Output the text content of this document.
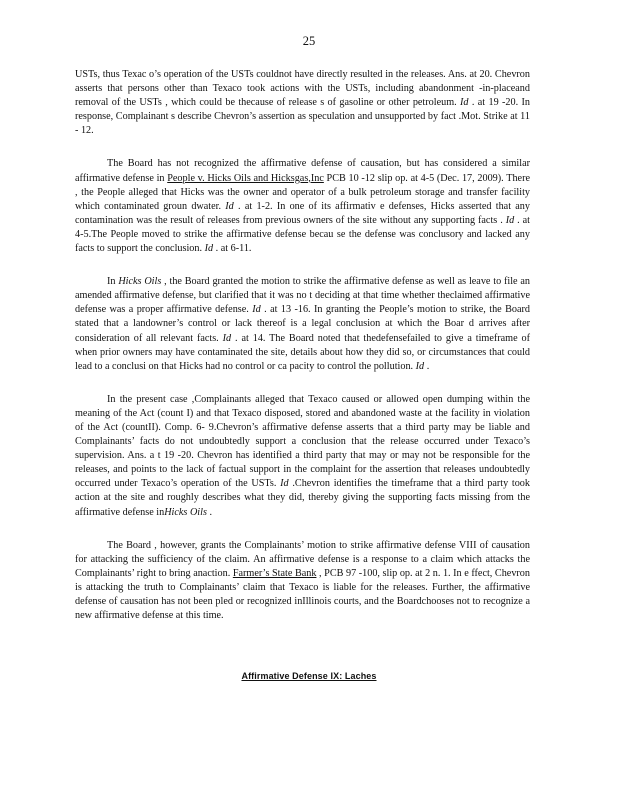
25

USTs, thus Texac o’s operation of the USTs couldnot have directly resulted in the releases. Ans. at 20. Chevron asserts that persons other than Texaco took actions with the USTs, including abandonment -in-placeand removal of the USTs , which could be thecause of release s of gasoline or other petroleum. Id . at 19 -20. In response, Complainant s describe Chevron’s assertion as speculation and unsupported by fact .Mot. Strike at 11 - 12.

The Board has not recognized the affirmative defense of causation, but has considered a similar affirmative defense in People v. Hicks Oils and Hicksgas,Inc PCB 10 -12 slip op. at 4-5 (Dec. 17, 2009). There , the People alleged that Hicks was the owner and operator of a bulk petroleum storage and transfer facility which contaminated groun dwater. Id . at 1-2. In one of its affirmativ e defenses, Hicks asserted that any contamination was the result of releases from previous owners of the site without any supporting facts . Id . at 4-5.The People moved to strike the affirmative defense becau se the defense was conclusory and lacked any facts to support the conclusion. Id . at 6-11.

In Hicks Oils , the Board granted the motion to strike the affirmative defense as well as leave to file an amended affirmative defense, but clarified that it was no t deciding at that time whether theclaimed affirmative defense was a proper affirmative defense. Id . at 13 -16. In granting the People’s motion to strike, the Board stated that a landowner’s control or lack thereof is a legal conclusion at which the Boar d arrives after consideration of all relevant facts. Id . at 14. The Board noted that thedefensefailed to give a timeframe of when prior owners may have contaminated the site, details about how they did so, or circumstances that could lead to a conclusi on that Hicks had no control or ca pacity to control the pollution. Id .

In the present case ,Complainants alleged that Texaco caused or allowed open dumping within the meaning of the Act (count I) and that Texaco disposed, stored and abandoned waste at the facility in violation of the Act (countII). Comp. 6- 9.Chevron’s affirmative defense asserts that a third party may be liable and Complainants’ facts do not undoubtedly support a conclusion that the release occurred under Texaco’s supervision. Ans. a t 19 -20. Chevron has identified a third party that may or may not be responsible for the releases, and points to the lack of factual support in the complaint for the assertion that releases undoubtedly occurred under Texaco’s operation of the USTs. Id .Chevron identifies the timeframe that a third party took action at the site and roughly describes what they did, thereby giving the supporting facts missing from the affirmative defense inHicks Oils .

The Board , however, grants the Complainants’ motion to strike affirmative defense VIII of causation for attacking the sufficiency of the claim. An affirmative defense is a response to a claim which attacks the Complainants’ right to bring anaction. Farmer’s State Bank , PCB 97 -100, slip op. at 2 n. 1. In e ffect, Chevron is attacking the truth to Complainants’ claim that Texaco is liable for the releases. Further, the affirmative defense of causation has not been pled or recognized inIllinois courts, and the Boardchooses not to recognize a new affirmative defense at this time.

Affirmative Defense IX: Laches
